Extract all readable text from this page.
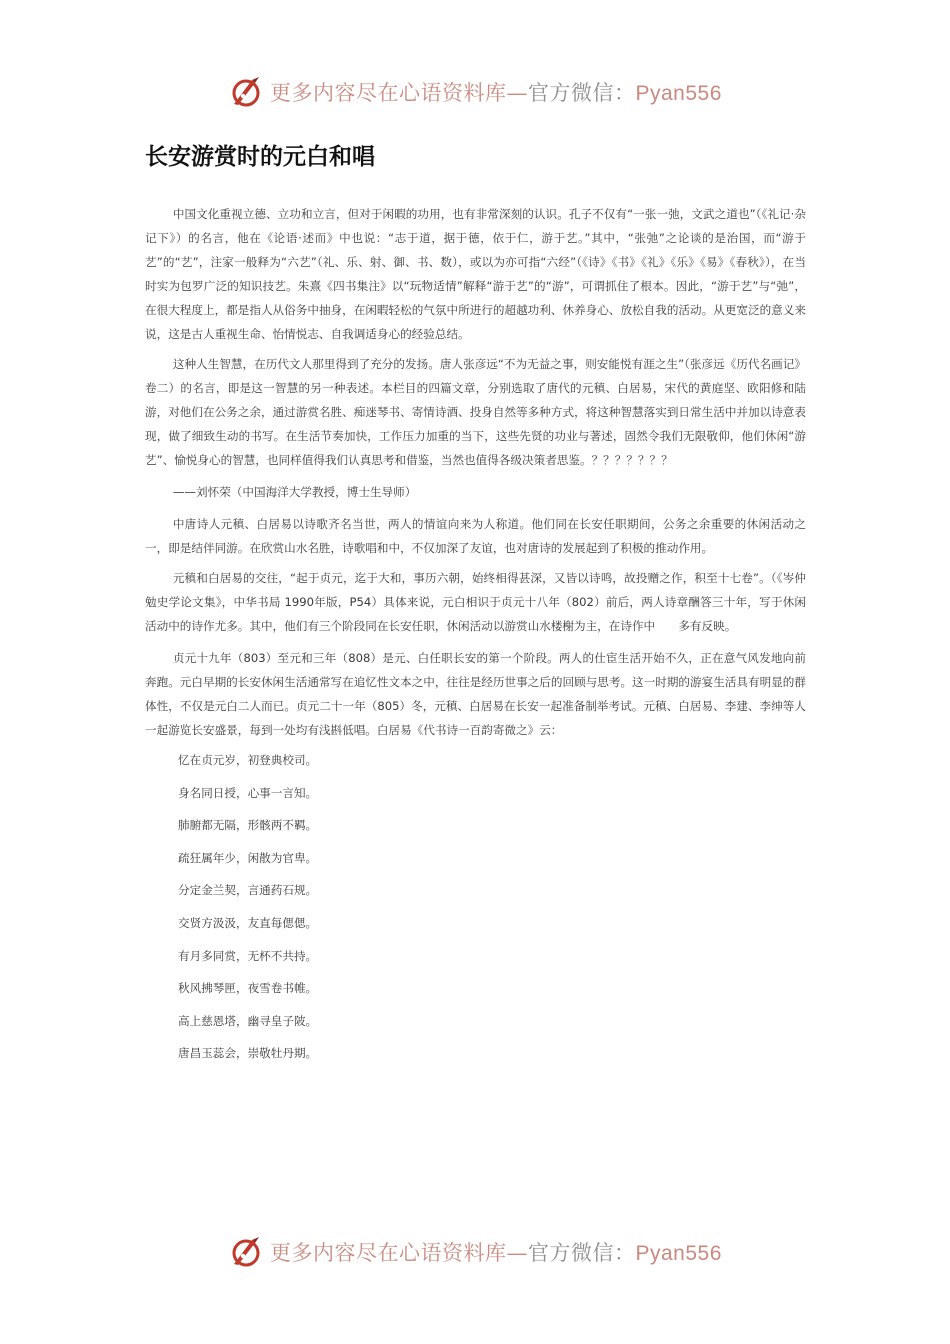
更多内容尽在心语资料库—官方微信：Pyan556
长安游赏时的元白和唱

中国文化重视立德、立功和立言，但对于闲暇的功用，也有非常深刻的认识。孔子不仅有“一张一弛，文武之道也”（《礼记·杂记下》）的名言，他在《论语·述而》中也说：“志于道，据于德，依于仁，游于艺。”其中，“张弛”之论谈的是治国，而“游于艺”的“艺”，注家一般释为“六艺”（礼、乐、射、御、书、数），或以为亦可指“六经”（《诗》《书》《礼》《乐》《易》《春秋》），在当时实为包罗广泛的知识技艺。朱熹《四书集注》以“玩物适情”解释“游于艺”的“游”，可谓抓住了根本。因此，“游于艺”与“弛”，在很大程度上，都是指人从俗务中抽身，在闲暇轻松的气氛中所进行的超越功利、休养身心、放松自我的活动。从更宽泛的意义来说，这是古人重视生命、怡情悦志、自我调适身心的经验总结。

这种人生智慧，在历代文人那里得到了充分的发扬。唐人张彦远“不为无益之事，则安能悦有涯之生”（张彦远《历代名画记》卷二）的名言，即是这一智慧的另一种表述。本栏目的四篇文章，分别选取了唐代的元稹、白居易，宋代的黄庭坚、欧阳修和陆游，对他们在公务之余，通过游赏名胜、痴迷琴书、寄情诗酒、投身自然等多种方式，将这种智慧落实到日常生活中并加以诗意表现，做了细致生动的书写。在生活节奏加快，工作压力加重的当下，这些先贤的功业与著述，固然令我们无限敬仰，他们休闲“游艺”、愉悦身心的智慧，也同样值得我们认真思考和借鉴，当然也值得各级决策者思鉴。？？？？？？？

——刘怀荣（中国海洋大学教授，博士生导师）

中唐诗人元稹、白居易以诗歌齐名当世，两人的情谊向来为人称道。他们同在长安任职期间，公务之余重要的休闲活动之一，即是结伴同游。在欣赏山水名胜，诗歌唱和中，不仅加深了友谊，也对唐诗的发展起到了积极的推动作用。

元稹和白居易的交往，“起于贞元，迄于大和，事历六朝，始终相得甚深，又皆以诗鸣，故投赠之作，积至十七卷”。（《岑仲勉史学论文集》，中华书局 1990年版，P54）具体来说，元白相识于贞元十八年（802）前后，两人诗章酬答三十年，写于休闲活动中的诗作尤多。其中，他们有三个阶段同在长安任职，休闲活动以游赏山水楼榭为主，在诗作中　　多有反映。

贞元十九年（803）至元和三年（808）是元、白任职长安的第一个阶段。两人的仕宦生活开始不久，正在意气风发地向前奔跑。元白早期的长安休闲生活通常写在追忆性文本之中，往往是经历世事之后的回顾与思考。这一时期的游宴生活具有明显的群体性，不仅是元白二人而已。贞元二十一年（805）冬，元稹、白居易在长安一起准备制举考试。元稹、白居易、李建、李绅等人一起游览长安盛景，每到一处均有浅斟低唱。白居易《代书诗一百韵寄微之》云：

忆在贞元岁，初登典校司。
身名同日授，心事一言知。
肺腑都无隔，形骸两不羁。
疏狂属年少，闲散为官卑。
分定金兰契，言通药石规。
交贤方汲汲，友直每偲偲。
有月多同赏，无杯不共持。
秋风拂琴匣，夜雪卷书帷。
高上慈恩塔，幽寻皇子陂。
唐昌玉蕊会，崇敬牡丹期。
更多内容尽在心语资料库—官方微信：Pyan556
